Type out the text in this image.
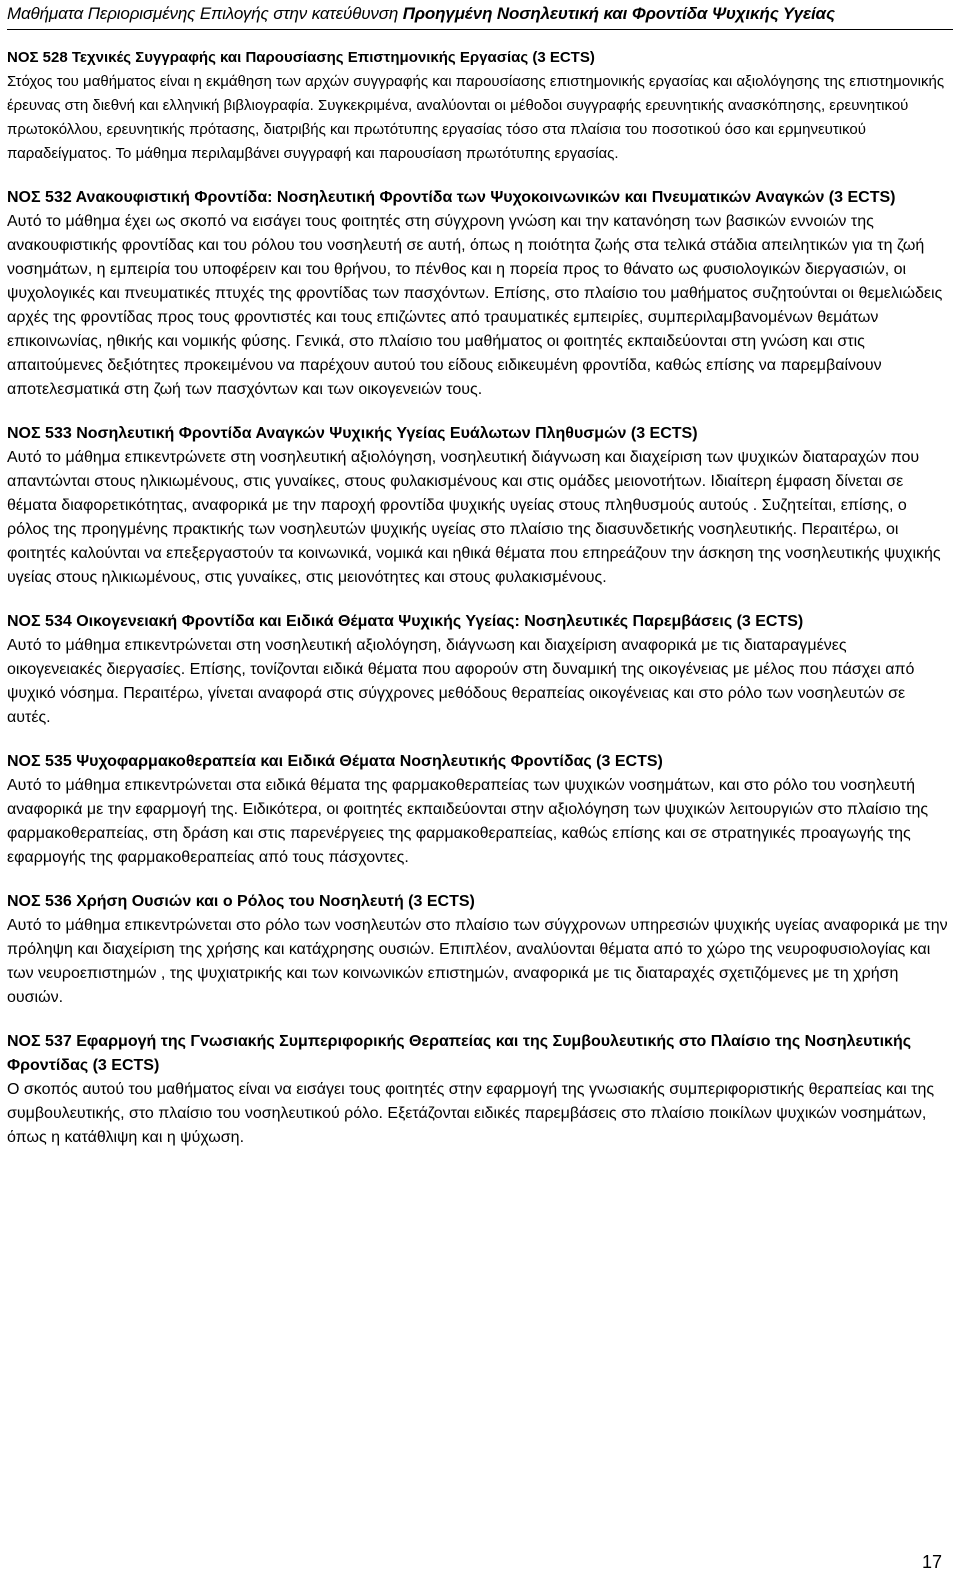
Μαθήματα Περιορισμένης Επιλογής στην κατεύθυνση Προηγμένη Νοσηλευτική και Φροντίδα Ψυχικής Υγείας

ΝΟΣ 528 Τεχνικές Συγγραφής και Παρουσίασης Επιστημονικής Εργασίας (3 ECTS)

Στόχος του μαθήματος είναι η εκμάθηση των αρχών συγγραφής και παρουσίασης επιστημονικής εργασίας και αξιολόγησης της επιστημονικής έρευνας στη διεθνή και ελληνική βιβλιογραφία. Συγκεκριμένα, αναλύονται οι μέθοδοι συγγραφής ερευνητικής ανασκόπησης, ερευνητικού πρωτοκόλλου, ερευνητικής πρότασης, διατριβής και πρωτότυπης εργασίας τόσο στα πλαίσια του ποσοτικού όσο και ερμηνευτικού παραδείγματος. Το μάθημα περιλαμβάνει συγγραφή και παρουσίαση πρωτότυπης εργασίας.

ΝΟΣ 532 Ανακουφιστική Φροντίδα: Νοσηλευτική Φροντίδα των Ψυχοκοινωνικών και Πνευματικών Αναγκών (3 ECTS)

Αυτό το μάθημα έχει ως σκοπό να εισάγει τους φοιτητές στη σύγχρονη γνώση και την κατανόηση των βασικών εννοιών της ανακουφιστικής φροντίδας και του ρόλου του νοσηλευτή σε αυτή, όπως η ποιότητα ζωής στα τελικά στάδια απειλητικών για τη ζωή νοσημάτων, η εμπειρία του υποφέρειν και του θρήνου, το πένθος και η πορεία προς το θάνατο ως φυσιολογικών διεργασιών, οι ψυχολογικές και πνευματικές πτυχές της φροντίδας των πασχόντων. Επίσης, στο πλαίσιο του μαθήματος συζητούνται οι θεμελιώδεις αρχές της φροντίδας προς τους φροντιστές και τους επιζώντες από τραυματικές εμπειρίες, συμπεριλαμβανομένων θεμάτων επικοινωνίας, ηθικής και νομικής φύσης. Γενικά, στο πλαίσιο του μαθήματος οι φοιτητές εκπαιδεύονται στη γνώση και στις απαιτούμενες δεξιότητες προκειμένου να παρέχουν αυτού του είδους ειδικευμένη φροντίδα, καθώς επίσης να παρεμβαίνουν αποτελεσματικά στη ζωή των πασχόντων και των οικογενειών τους.

ΝΟΣ 533 Νοσηλευτική Φροντίδα Αναγκών Ψυχικής Υγείας Ευάλωτων Πληθυσμών (3 ECTS)

Αυτό το μάθημα επικεντρώνετε στη νοσηλευτική αξιολόγηση, νοσηλευτική διάγνωση και διαχείριση των ψυχικών διαταραχών που απαντώνται στους ηλικιωμένους, στις γυναίκες, στους φυλακισμένους και στις ομάδες μειονοτήτων. Ιδιαίτερη έμφαση δίνεται σε θέματα διαφορετικότητας, αναφορικά με την παροχή φροντίδα ψυχικής υγείας στους πληθυσμούς αυτούς . Συζητείται, επίσης, ο ρόλος της προηγμένης πρακτικής των νοσηλευτών ψυχικής υγείας στο πλαίσιο της διασυνδετικής νοσηλευτικής. Περαιτέρω, οι φοιτητές καλούνται να επεξεργαστούν τα κοινωνικά, νομικά και ηθικά θέματα που επηρεάζουν την άσκηση της νοσηλευτικής ψυχικής υγείας στους ηλικιωμένους, στις γυναίκες, στις μειονότητες και στους φυλακισμένους.

ΝΟΣ 534 Οικογενειακή Φροντίδα και Ειδικά Θέματα Ψυχικής Υγείας: Νοσηλευτικές Παρεμβάσεις (3 ECTS)

Αυτό το μάθημα επικεντρώνεται στη νοσηλευτική αξιολόγηση, διάγνωση και διαχείριση αναφορικά με τις διαταραγμένες οικογενειακές διεργασίες. Επίσης, τονίζονται ειδικά θέματα που αφορούν στη δυναμική της οικογένειας με μέλος που πάσχει από ψυχικό νόσημα. Περαιτέρω, γίνεται αναφορά στις σύγχρονες μεθόδους θεραπείας οικογένειας και στο ρόλο των νοσηλευτών σε αυτές.

ΝΟΣ 535 Ψυχοφαρμακοθεραπεία και Ειδικά Θέματα Νοσηλευτικής Φροντίδας (3 ECTS)

Αυτό το μάθημα επικεντρώνεται στα ειδικά θέματα της φαρμακοθεραπείας των ψυχικών νοσημάτων, και στο ρόλο του νοσηλευτή αναφορικά με την εφαρμογή της. Ειδικότερα, οι φοιτητές εκπαιδεύονται στην αξιολόγηση των ψυχικών λειτουργιών στο πλαίσιο της φαρμακοθεραπείας, στη δράση και στις παρενέργειες της φαρμακοθεραπείας, καθώς επίσης και σε στρατηγικές προαγωγής της εφαρμογής της φαρμακοθεραπείας από τους πάσχοντες.

ΝΟΣ 536 Χρήση Ουσιών και ο Ρόλος του Νοσηλευτή (3 ECTS)

Αυτό το μάθημα επικεντρώνεται στο ρόλο των νοσηλευτών στο πλαίσιο των σύγχρονων υπηρεσιών ψυχικής υγείας αναφορικά με την πρόληψη και διαχείριση της χρήσης και κατάχρησης ουσιών. Επιπλέον, αναλύονται θέματα από το χώρο της νευροφυσιολογίας και των νευροεπιστημών , της ψυχιατρικής και των κοινωνικών επιστημών, αναφορικά με τις διαταραχές σχετιζόμενες με τη χρήση ουσιών.

ΝΟΣ 537 Εφαρμογή της Γνωσιακής Συμπεριφορικής Θεραπείας και της Συμβουλευτικής στο Πλαίσιο της Νοσηλευτικής Φροντίδας (3 ECTS)

Ο σκοπός αυτού του μαθήματος είναι να εισάγει τους φοιτητές στην εφαρμογή της γνωσιακής συμπεριφοριστικής θεραπείας και της συμβουλευτικής, στο πλαίσιο του νοσηλευτικού ρόλο. Εξετάζονται ειδικές παρεμβάσεις στο πλαίσιο ποικίλων ψυχικών νοσημάτων, όπως η κατάθλιψη και η ψύχωση.

17
